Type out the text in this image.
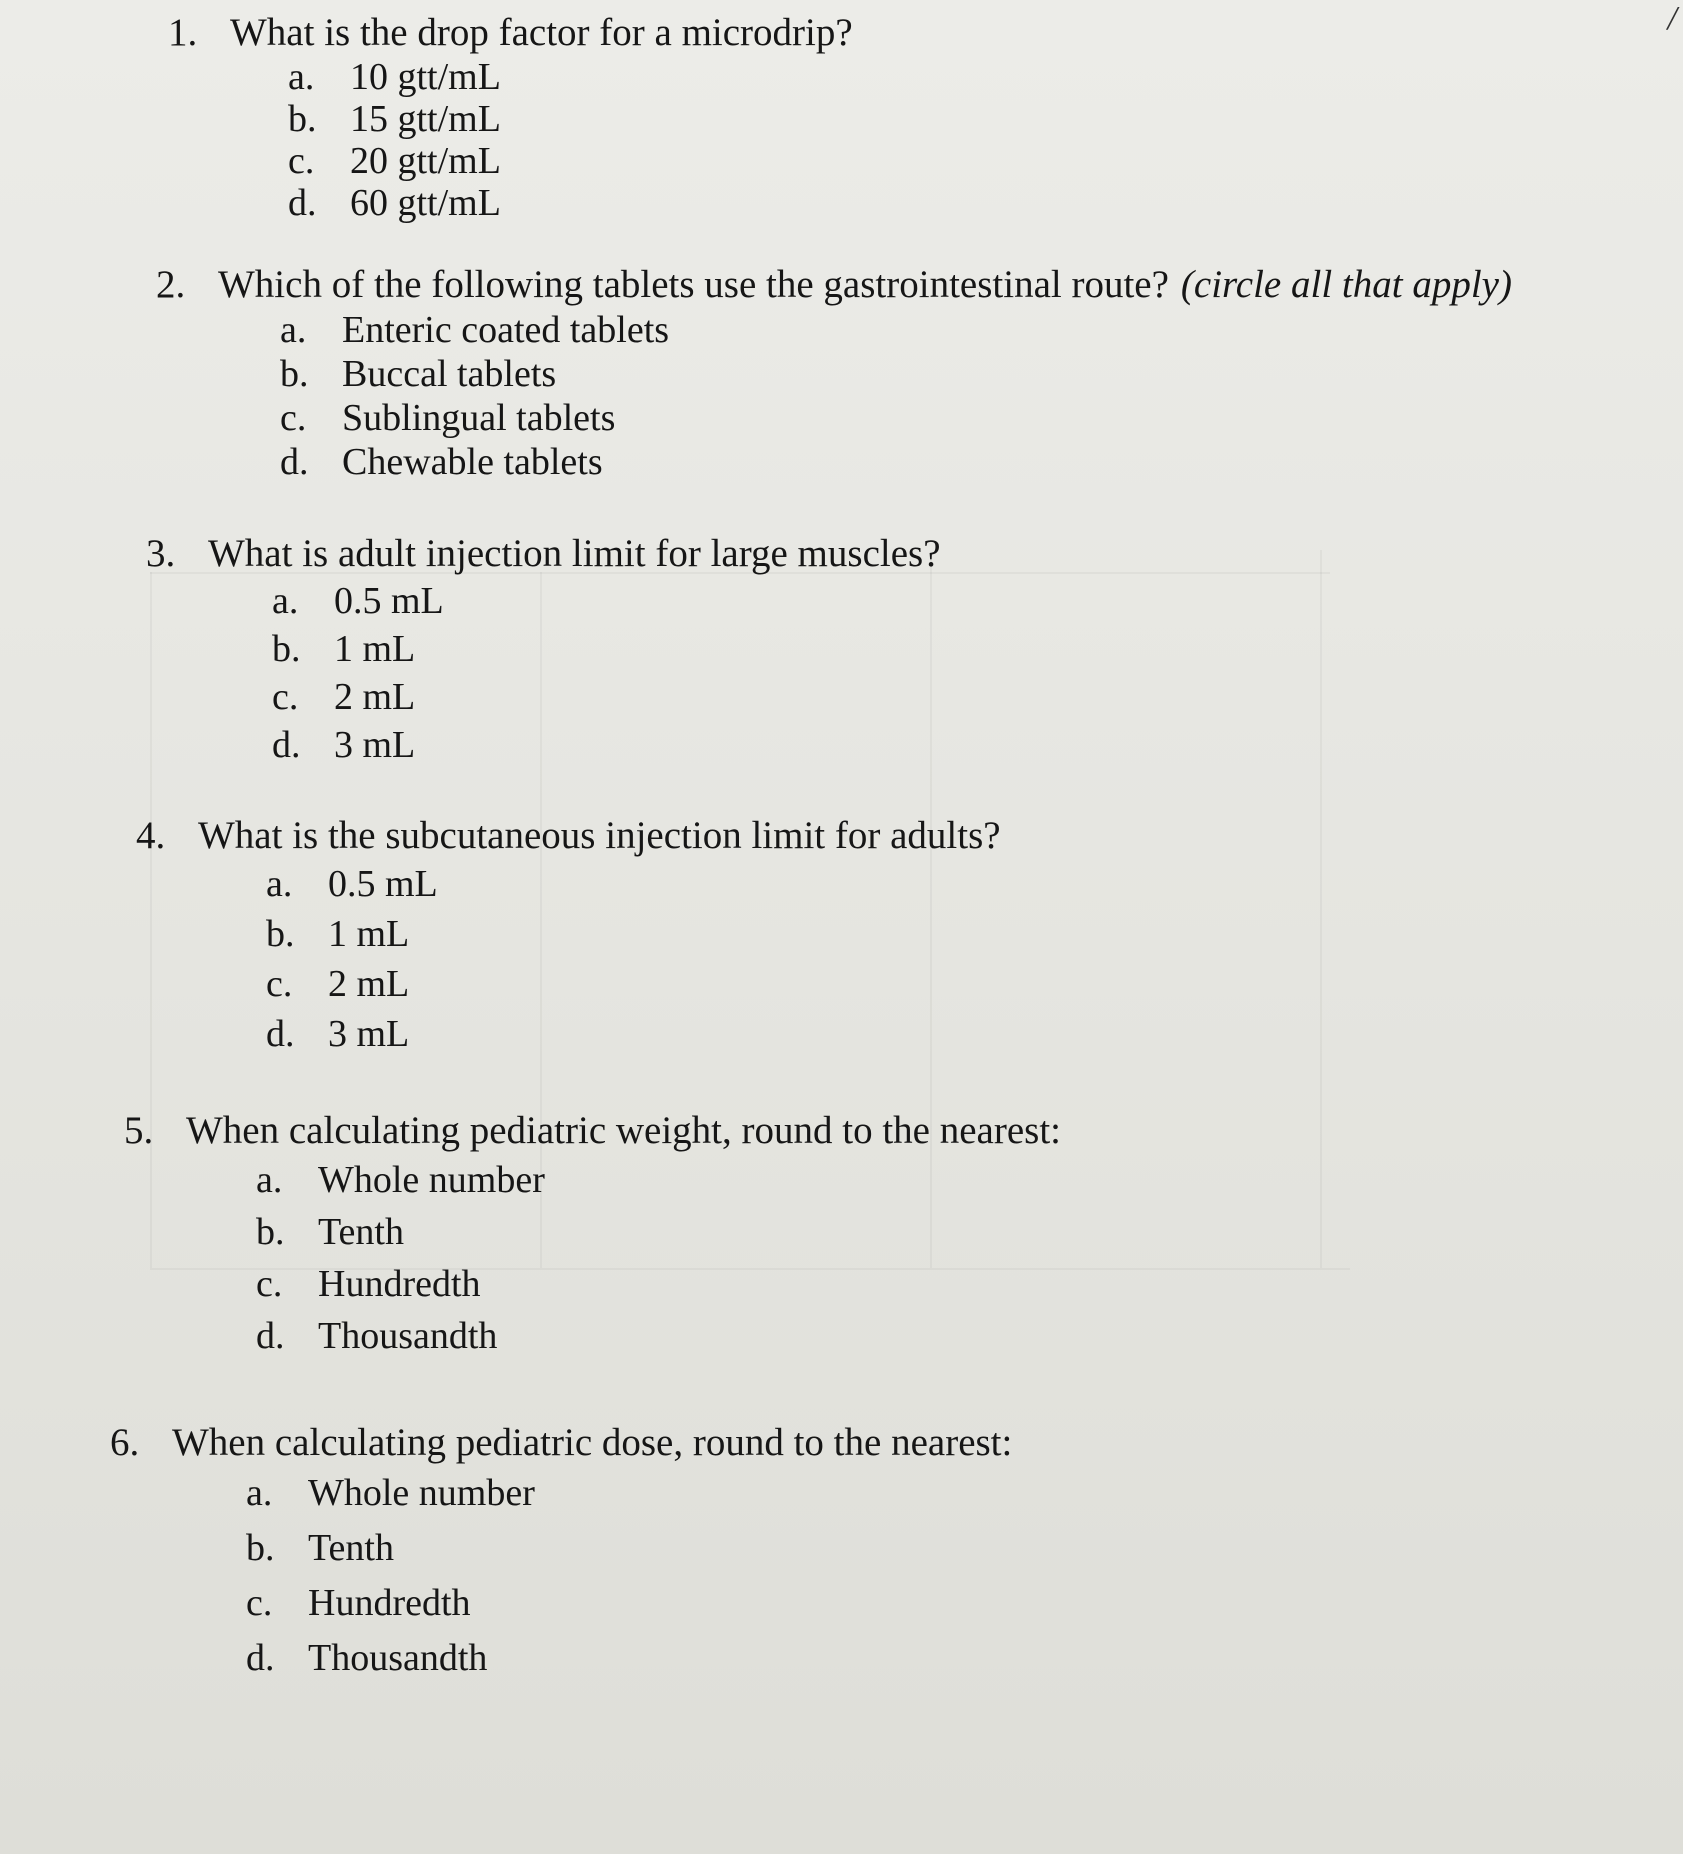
/
1. What is the drop factor for a microdrip?
a. 10 gtt/mL
b. 15 gtt/mL
c. 20 gtt/mL
d. 60 gtt/mL
2. Which of the following tablets use the gastrointestinal route? (circle all that apply)
a. Enteric coated tablets
b. Buccal tablets
c. Sublingual tablets
d. Chewable tablets
3. What is adult injection limit for large muscles?
a. 0.5 mL
b. 1 mL
c. 2 mL
d. 3 mL
4. What is the subcutaneous injection limit for adults?
a. 0.5 mL
b. 1 mL
c. 2 mL
d. 3 mL
5. When calculating pediatric weight, round to the nearest:
a. Whole number
b. Tenth
c. Hundredth
d. Thousandth
6. When calculating pediatric dose, round to the nearest:
a. Whole number
b. Tenth
c. Hundredth
d. Thousandth
